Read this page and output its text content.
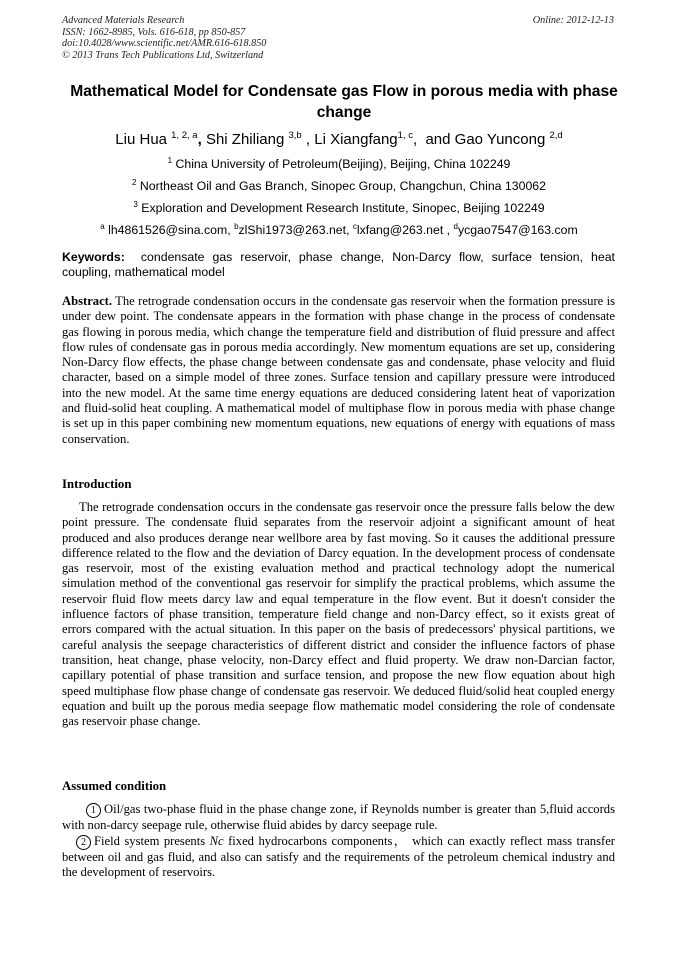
Advanced Materials Research
ISSN: 1662-8985, Vols. 616-618, pp 850-857
doi:10.4028/www.scientific.net/AMR.616-618.850
© 2013 Trans Tech Publications Ltd, Switzerland
Online: 2012-12-13
Mathematical Model for Condensate gas Flow in porous media with phase change
Liu Hua $^{1, 2, a}$, Shi Zhiliang $^{3,b}$ , Li Xiangfang$^{1, c}$,  and Gao Yuncong $^{2,d}$
$^1$ China University of Petroleum(Beijing), Beijing, China 102249
$^2$ Northeast Oil and Gas Branch, Sinopec Group, Changchun, China 130062
$^3$ Exploration and Development Research Institute, Sinopec, Beijing 102249
$^a$ lh4861526@sina.com, $^b$zlShi1973@263.net, $^c$lxfang@263.net , $^d$ycgao7547@163.com
Keywords: condensate gas reservoir, phase change, Non-Darcy flow, surface tension, heat coupling, mathematical model
Abstract. The retrograde condensation occurs in the condensate gas reservoir when the formation pressure is under dew point. The condensate appears in the formation with phase change in the process of condensate gas flowing in porous media, which change the temperature field and distribution of fluid pressure and affect flow rules of condensate gas in porous media accordingly. New momentum equations are set up, considering Non-Darcy flow effects, the phase change between condensate gas and condensate, phase velocity and fluid character, based on a simple model of three zones. Surface tension and capillary pressure were introduced into the new model. At the same time energy equations are deduced considering latent heat of vaporization and fluid-solid heat coupling. A mathematical model of multiphase flow in porous media with phase change is set up in this paper combining new momentum equations, new equations of energy with equations of mass conservation.
Introduction
The retrograde condensation occurs in the condensate gas reservoir once the pressure falls below the dew point pressure. The condensate fluid separates from the reservoir adjoint a significant amount of heat produced and also produces derange near wellbore area by fast moving. So it causes the additional pressure difference related to the flow and the deviation of Darcy equation. In the development process of condensate gas reservoir, most of the existing evaluation method and practical technology adopt the numerical simulation method of the conventional gas reservoir for simplify the practical problems, which assume the reservoir fluid flow meets darcy law and equal temperature in the flow event. But it doesn't consider the influence factors of phase transition, temperature field change and non-Darcy effect, so it exists great of errors compared with the actual situation. In this paper on the basis of predecessors' physical partitions, we careful analysis the seepage characteristics of different district and consider the influence factors of phase transition, heat change, phase velocity, non-Darcy effect and fluid property. We draw non-Darcian factor, capillary potential of phase transition and surface tension, and propose the new flow equation about high speed multiphase flow phase change of condensate gas reservoir. We deduced fluid/solid heat coupled energy equation and built up the porous media seepage flow mathematic model considering the role of condensate gas reservoir phase change.
Assumed condition
1 Oil/gas two-phase fluid in the phase change zone, if Reynolds number is greater than 5,fluid accords with non-darcy seepage rule, otherwise fluid abides by darcy seepage rule.
2 Field system presents Nc fixed hydrocarbons components， which can exactly reflect mass transfer between oil and gas fluid, and also can satisfy and the requirements of the petroleum chemical industry and the development of reservoirs.
